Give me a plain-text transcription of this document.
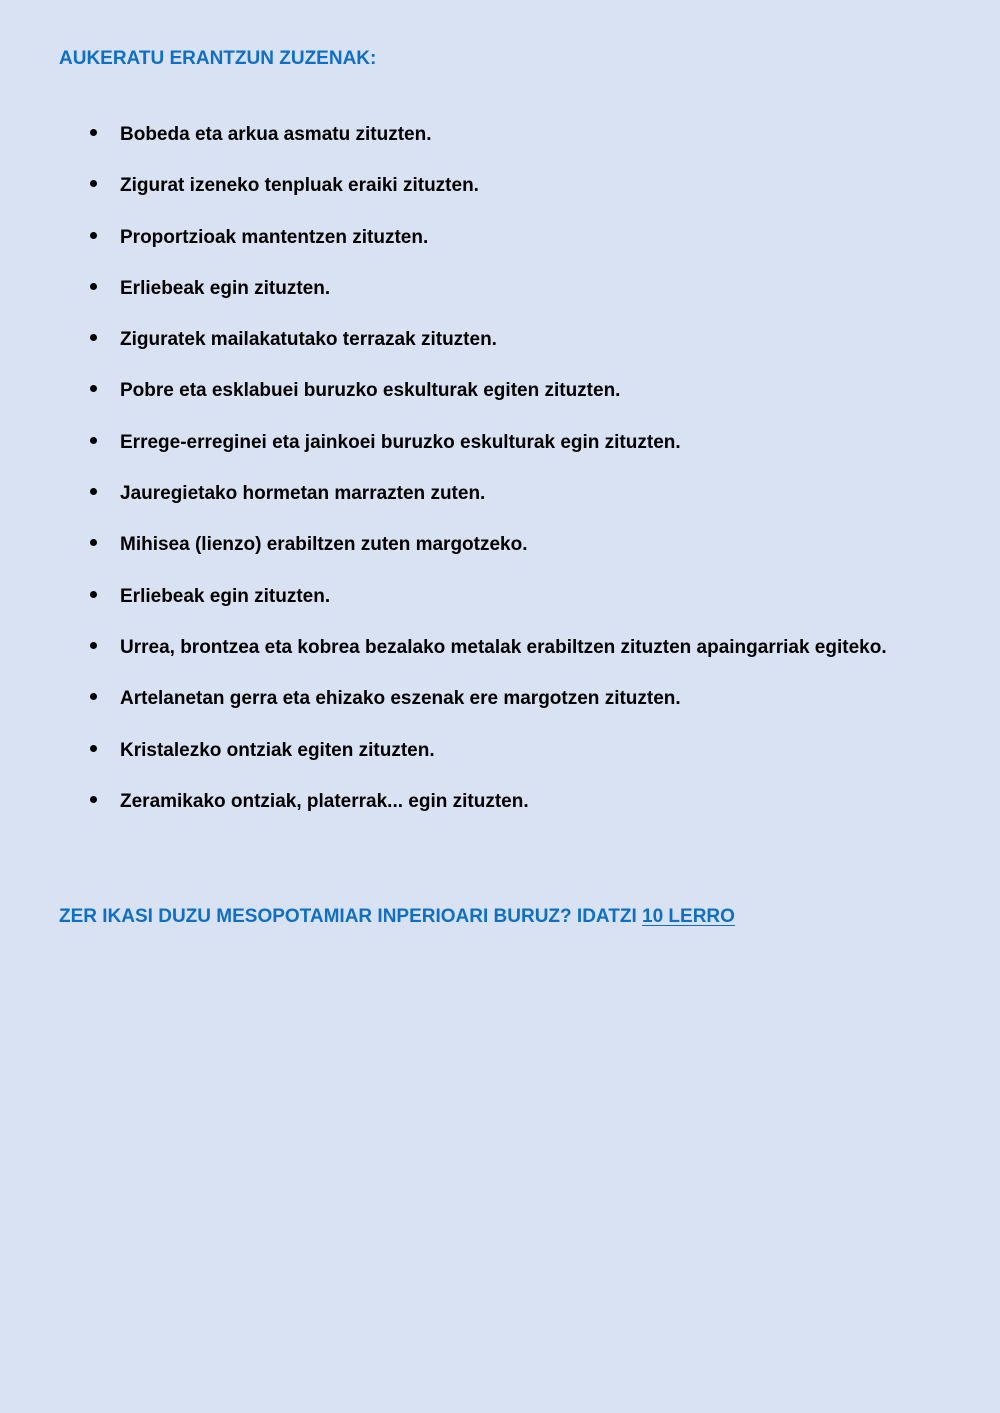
AUKERATU ERANTZUN ZUZENAK:
Bobeda eta arkua asmatu zituzten.
Zigurat izeneko tenpluak eraiki zituzten.
Proportzioak mantentzen zituzten.
Erliebeak egin zituzten.
Ziguratek mailakatutako terrazak zituzten.
Pobre eta esklabuei buruzko eskulturak egiten zituzten.
Errege-erreginei eta jainkoei buruzko eskulturak egin zituzten.
Jauregietako hormetan marrazten zuten.
Mihisea (lienzo) erabiltzen zuten margotzeko.
Erliebeak egin zituzten.
Urrea, brontzea eta kobrea bezalako metalak erabiltzen zituzten apaingarriak egiteko.
Artelanetan gerra eta ehizako eszenak ere margotzen zituzten.
Kristalezko ontziak egiten zituzten.
Zeramikako ontziak, platerrak... egin zituzten.
ZER IKASI DUZU MESOPOTAMIAR INPERIOARI BURUZ? IDATZI 10 LERRO
